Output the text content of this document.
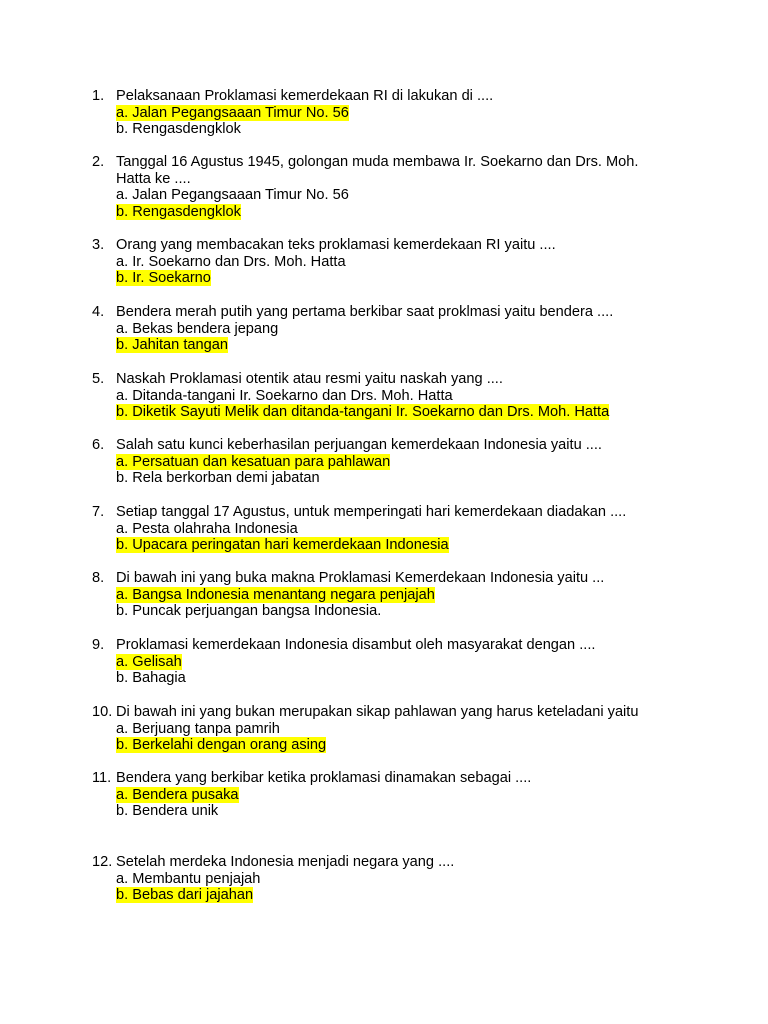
1. Pelaksanaan Proklamasi kemerdekaan RI di lakukan di ....
a. Jalan Pegangsaaan Timur No. 56
b. Rengasdengklok
2. Tanggal 16 Agustus 1945, golongan muda membawa Ir. Soekarno dan Drs. Moh.
Hatta ke ....
a. Jalan Pegangsaaan Timur No. 56
b. Rengasdengklok
3. Orang yang membacakan teks proklamasi kemerdekaan RI yaitu ....
a. Ir. Soekarno dan Drs. Moh. Hatta
b. Ir. Soekarno
4. Bendera merah putih yang pertama berkibar saat proklmasi yaitu bendera ....
a. Bekas bendera jepang
b. Jahitan tangan
5. Naskah Proklamasi otentik atau resmi yaitu naskah yang ....
a. Ditanda-tangani Ir. Soekarno dan Drs. Moh. Hatta
b. Diketik Sayuti Melik dan ditanda-tangani Ir. Soekarno dan Drs. Moh. Hatta
6. Salah satu kunci keberhasilan perjuangan kemerdekaan Indonesia yaitu ....
a. Persatuan dan kesatuan para pahlawan
b. Rela berkorban demi jabatan
7. Setiap tanggal 17 Agustus, untuk memperingati hari kemerdekaan diadakan ....
a. Pesta olahraha Indonesia
b. Upacara peringatan hari kemerdekaan Indonesia
8. Di bawah ini yang buka makna Proklamasi Kemerdekaan Indonesia yaitu ...
a. Bangsa Indonesia menantang negara penjajah
b. Puncak perjuangan bangsa Indonesia.
9. Proklamasi kemerdekaan Indonesia disambut oleh masyarakat dengan ....
a. Gelisah
b. Bahagia
10. Di bawah ini yang bukan merupakan sikap pahlawan yang harus keteladani yaitu
a. Berjuang tanpa pamrih
b. Berkelahi dengan orang asing
11. Bendera yang berkibar ketika proklamasi dinamakan sebagai ....
a. Bendera pusaka
b. Bendera unik
12. Setelah merdeka Indonesia menjadi negara yang ....
a. Membantu penjajah
b. Bebas dari jajahan
